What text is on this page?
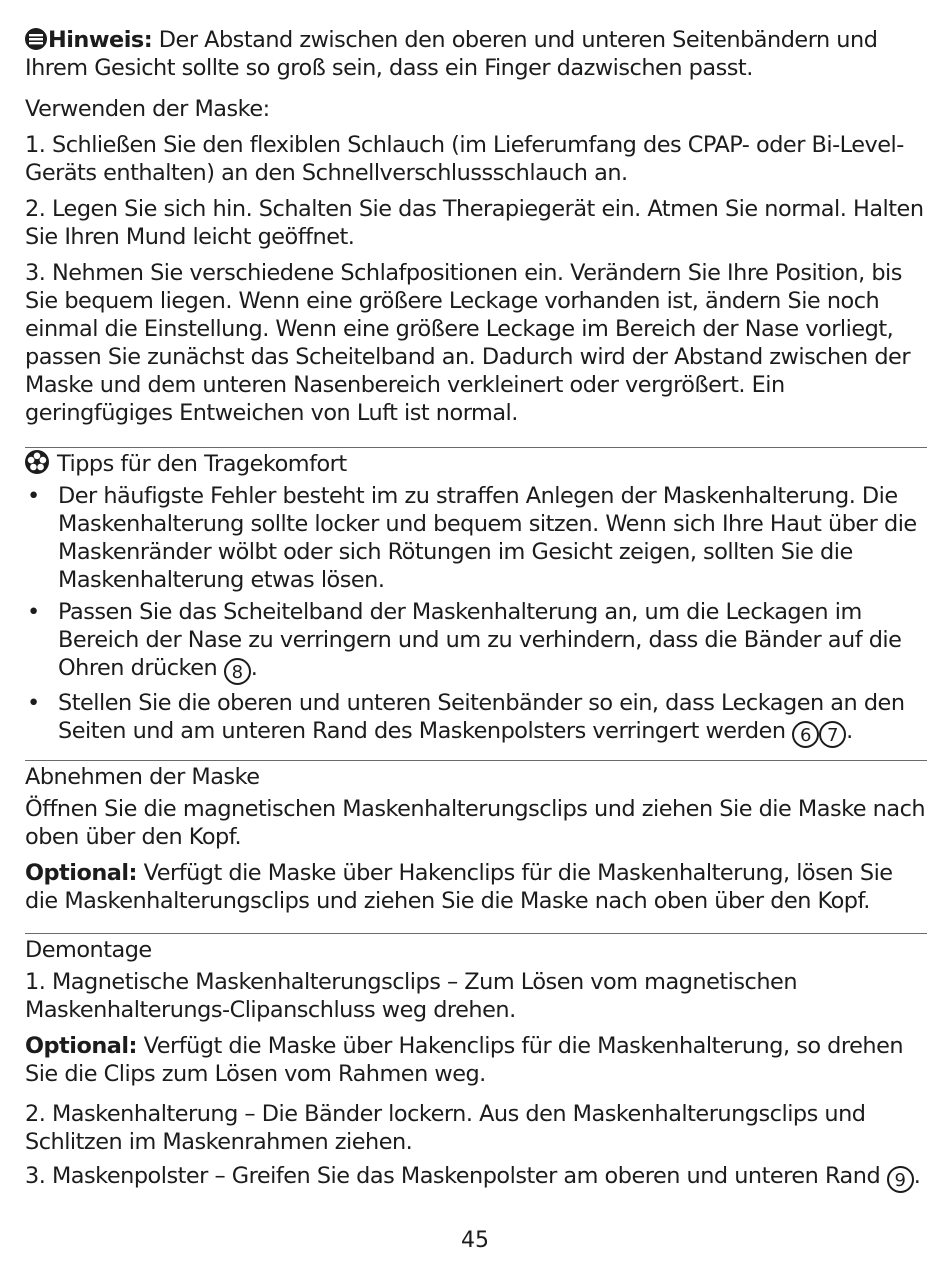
Hinweis: Der Abstand zwischen den oberen und unteren Seitenbändern und Ihrem Gesicht sollte so groß sein, dass ein Finger dazwischen passt.

Verwenden der Maske:

1. Schließen Sie den flexiblen Schlauch (im Lieferumfang des CPAP- oder Bi-Level-Geräts enthalten) an den Schnellverschlussschlauch an.

2. Legen Sie sich hin. Schalten Sie das Therapiegerät ein. Atmen Sie normal. Halten Sie Ihren Mund leicht geöffnet.

3. Nehmen Sie verschiedene Schlafpositionen ein. Verändern Sie Ihre Position, bis Sie bequem liegen. Wenn eine größere Leckage vorhanden ist, ändern Sie noch einmal die Einstellung. Wenn eine größere Leckage im Bereich der Nase vorliegt, passen Sie zunächst das Scheitelband an. Dadurch wird der Abstand zwischen der Maske und dem unteren Nasenbereich verkleinert oder vergrößert. Ein geringfügiges Entweichen von Luft ist normal.

Tipps für den Tragekomfort

• Der häufigste Fehler besteht im zu straffen Anlegen der Maskenhalterung. Die Maskenhalterung sollte locker und bequem sitzen. Wenn sich Ihre Haut über die Maskenränder wölbt oder sich Rötungen im Gesicht zeigen, sollten Sie die Maskenhalterung etwas lösen.
• Passen Sie das Scheitelband der Maskenhalterung an, um die Leckagen im Bereich der Nase zu verringern und um zu verhindern, dass die Bänder auf die Ohren drücken 8 .
• Stellen Sie die oberen und unteren Seitenbänder so ein, dass Leckagen an den Seiten und am unteren Rand des Maskenpolsters verringert werden 6 7 .

Abnehmen der Maske

Öffnen Sie die magnetischen Maskenhalterungsclips und ziehen Sie die Maske nach oben über den Kopf.

Optional: Verfügt die Maske über Hakenclips für die Maskenhalterung, lösen Sie die Maskenhalterungsclips und ziehen Sie die Maske nach oben über den Kopf.

Demontage

1. Magnetische Maskenhalterungsclips – Zum Lösen vom magnetischen Maskenhalterungs-Clipanschluss weg drehen.

Optional: Verfügt die Maske über Hakenclips für die Maskenhalterung, so drehen Sie die Clips zum Lösen vom Rahmen weg.

2. Maskenhalterung – Die Bänder lockern. Aus den Maskenhalterungsclips und Schlitzen im Maskenrahmen ziehen.

3. Maskenpolster – Greifen Sie das Maskenpolster am oberen und unteren Rand 9 .

45
